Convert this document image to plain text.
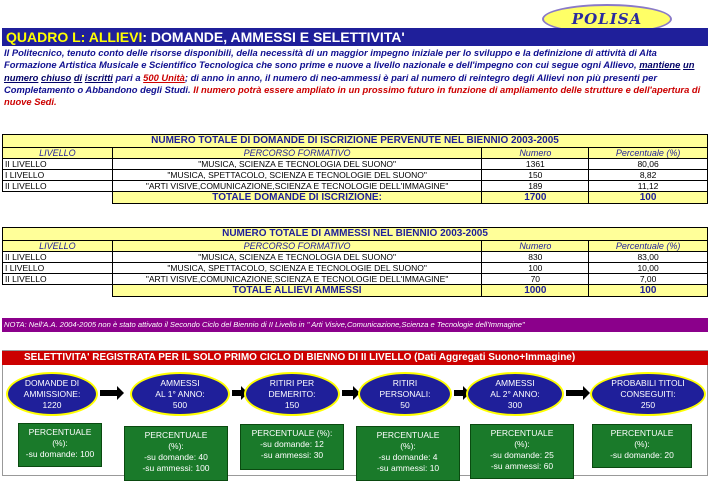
POLISA
QUADRO L: ALLIEVI: DOMANDE, AMMESSI E SELETTIVITA'
Il Politecnico, tenuto conto delle risorse disponibili, della necessità di un maggior impegno iniziale per lo sviluppo e la definizione di attività di Alta Formazione Artistica Musicale e Scientifico Tecnologica che sono prime e nuove a livello nazionale e dell'impegno con cui segue ogni Allievo, mantiene un numero chiuso di iscritti pari a 500 Unità; di anno in anno, il numero di neo-ammessi è pari al numero di reintegro degli Allievi non più presenti per Completamento o Abbandono degli Studi. Il numero potrà essere ampliato in un prossimo futuro in funzione di ampliamento delle strutture e dell'apertura di nuove Sedi.
NUMERO TOTALE DI DOMANDE DI ISCRIZIONE PERVENUTE NEL BIENNIO 2003-2005			
LIVELLO	PERCORSO FORMATIVO	Numero	Percentuale (%)
II LIVELLO	"MUSICA, SCIENZA E TECNOLOGIA DEL SUONO"	1361	80,06
I LIVELLO	"MUSICA, SPETTACOLO, SCIENZA E TECNOLOGIE DEL SUONO"	150	8,82
II LIVELLO	"ARTI VISIVE,COMUNICAZIONE,SCIENZA E TECNOLOGIE DELL'IMMAGINE"	189	11,12
	TOTALE DOMANDE DI ISCRIZIONE:	1700	100
NUMERO TOTALE DI AMMESSI NEL BIENNIO 2003-2005			
LIVELLO	PERCORSO FORMATIVO	Numero	Percentuale (%)
II LIVELLO	"MUSICA, SCIENZA E TECNOLOGIA DEL SUONO"	830	83,00
I LIVELLO	"MUSICA, SPETTACOLO, SCIENZA E TECNOLOGIE DEL SUONO"	100	10,00
II LIVELLO	"ARTI VISIVE,COMUNICAZIONE,SCIENZA E TECNOLOGIE DELL'IMMAGINE"	70	7,00
	TOTALE ALLIEVI AMMESSI	1000	100
NOTA: Nell'A.A. 2004-2005 non è stato attivato il Secondo Ciclo del Biennio di II Livello in " Arti Visive,Comunicazione,Scienza e Tecnologie dell'Immagine"
SELETTIVITA' REGISTRATA PER IL SOLO PRIMO CICLO DI BIENNO DI II LIVELLO (Dati Aggregati Suono+Immagine)
DOMANDE DI
AMMISSIONE:
1220
AMMESSI
AL 1° ANNO:
500
RITIRI PER
DEMERITO:
150
RITIRI
PERSONALI:
50
AMMESSI
AL 2° ANNO:
300
PROBABILI TITOLI
CONSEGUITI:
250
PERCENTUALE
(%):
-su domande: 100
PERCENTUALE
(%):
-su domande: 40
-su ammessi: 100
PERCENTUALE (%):
-su domande: 12
-su ammessi: 30
PERCENTUALE
(%):
-su domande: 4
-su ammessi: 10
PERCENTUALE
(%):
-su domande: 25
-su ammessi: 60
PERCENTUALE
(%):
-su domande: 20
